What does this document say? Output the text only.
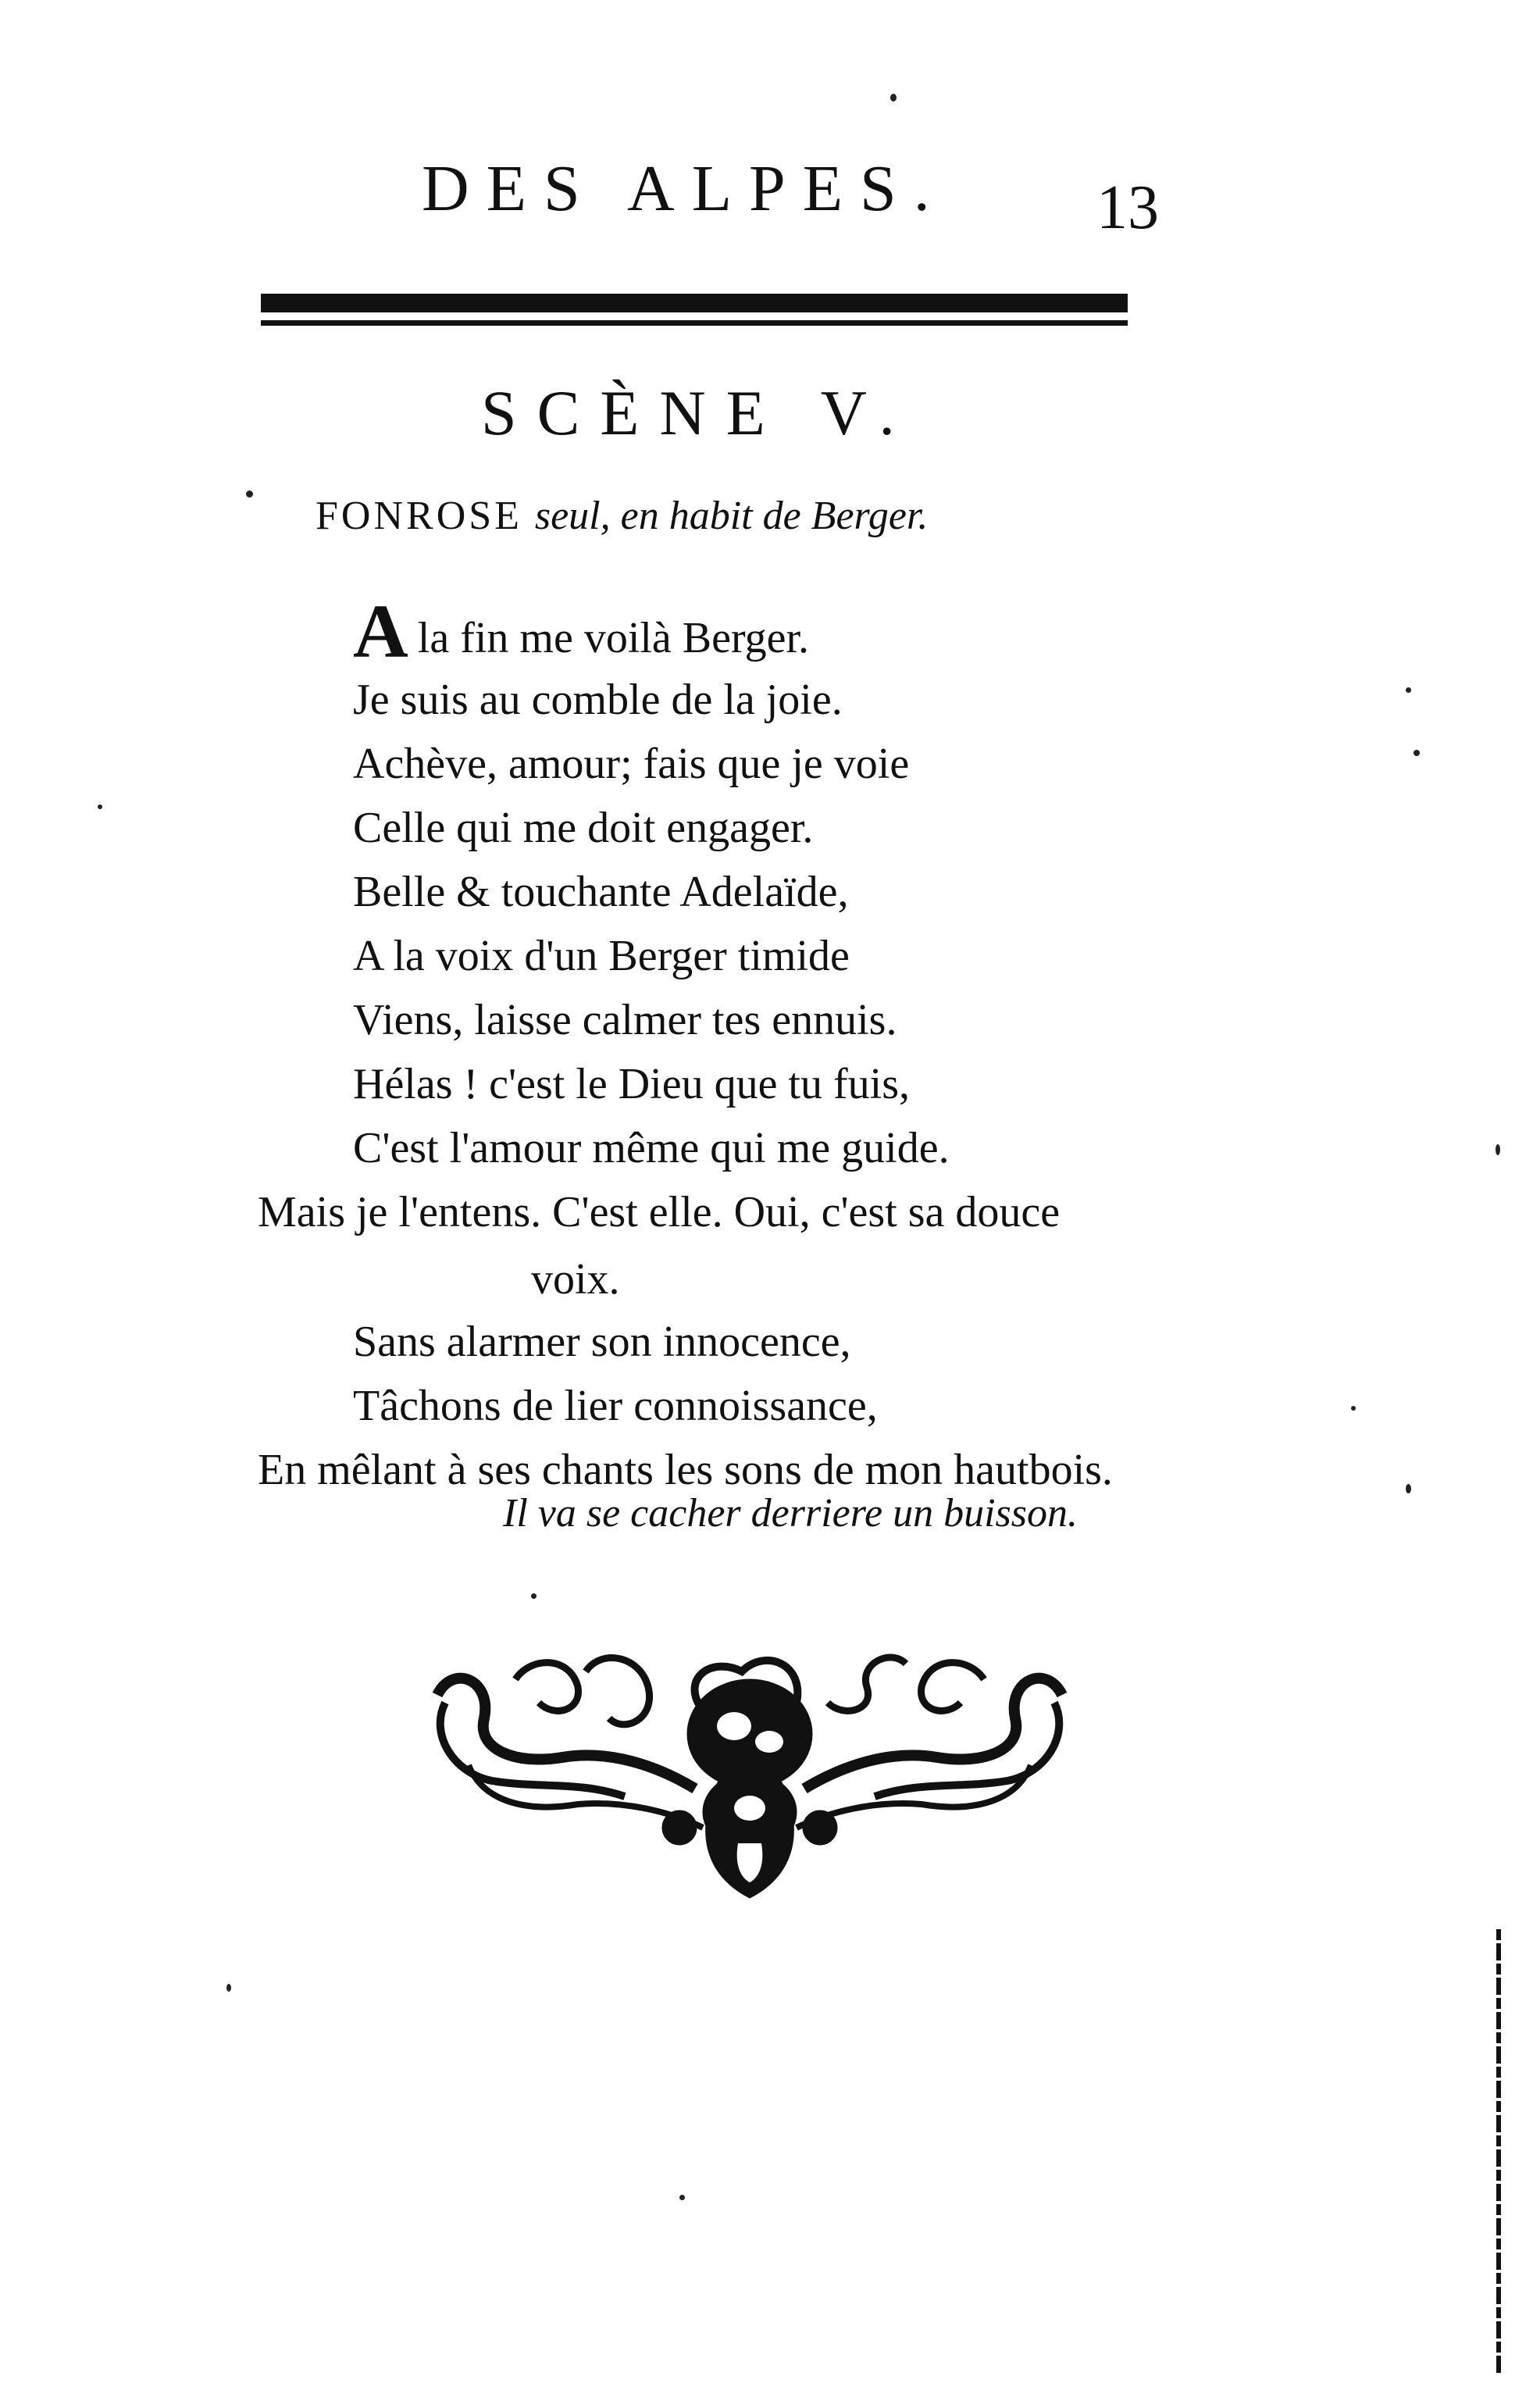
DES ALPES. 13
SCÈNE V.
FONROSE seul, en habit de Berger.
Ala fin me voilà Berger.
Je suis au comble de la joie.
Achève, amour; fais que je voie
Celle qui me doit engager.
Belle & touchante Adelaïde,
A la voix d'un Berger timide
Viens, laisse calmer tes ennuis.
Hélas ! c'est le Dieu que tu fuis,
C'est l'amour même qui me guide.
Mais je l'entens. C'est elle. Oui, c'est sa douce
voix.
Sans alarmer son innocence,
Tâchons de lier connoissance,
En mêlant à ses chants les sons de mon hautbois.
Il va se cacher derriere un buisson.
